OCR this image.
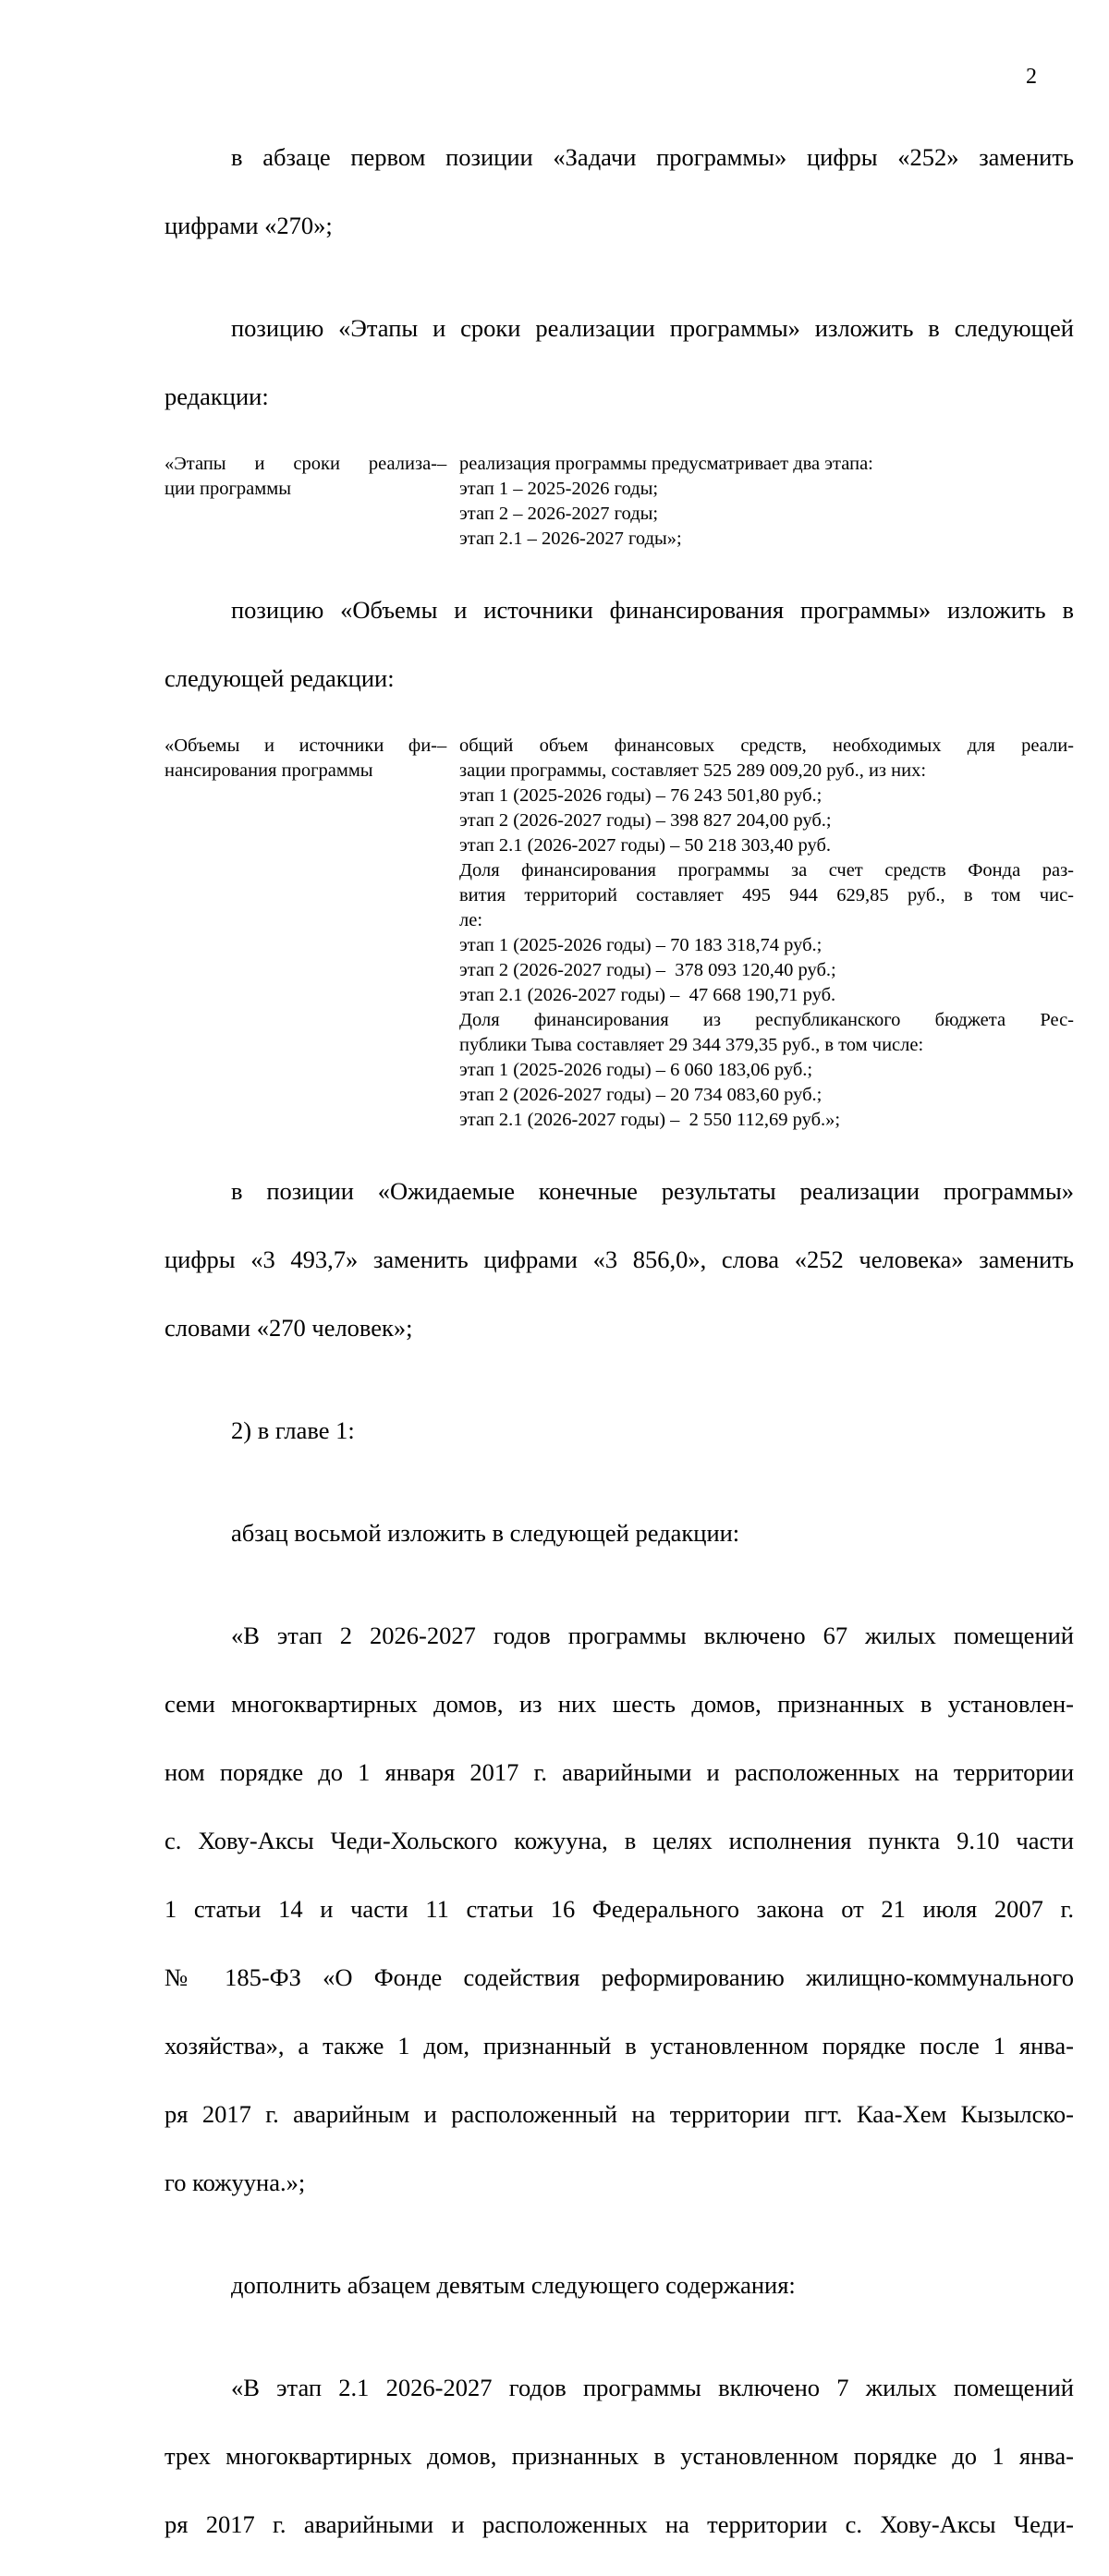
2

в абзаце первом позиции «Задачи программы» цифры «252» заменить

цифрами «270»;

позицию «Этапы и сроки реализации программы» изложить в следующей

редакции:

«Этапы и сроки реализа-
ции программы
– реализация программы предусматривает два этапа:
этап 1 – 2025-2026 годы;
этап 2 – 2026-2027 годы;
этап 2.1 – 2026-2027 годы»;

позицию «Объемы и источники финансирования программы» изложить в

следующей редакции:

«Объемы и источники фи-
нансирования программы
– общий объем финансовых средств, необходимых для реали-
зации программы, составляет 525 289 009,20 руб., из них:
этап 1 (2025-2026 годы) – 76 243 501,80 руб.;
этап 2 (2026-2027 годы) – 398 827 204,00 руб.;
этап 2.1 (2026-2027 годы) – 50 218 303,40 руб.
Доля финансирования программы за счет средств Фонда раз-
вития территорий составляет 495 944 629,85 руб., в том чис-
ле:
этап 1 (2025-2026 годы) – 70 183 318,74 руб.;
этап 2 (2026-2027 годы) –  378 093 120,40 руб.;
этап 2.1 (2026-2027 годы) –  47 668 190,71 руб.
Доля финансирования из республиканского бюджета Рес-
публики Тыва составляет 29 344 379,35 руб., в том числе:
этап 1 (2025-2026 годы) – 6 060 183,06 руб.;
этап 2 (2026-2027 годы) – 20 734 083,60 руб.;
этап 2.1 (2026-2027 годы) –  2 550 112,69 руб.»;

в позиции «Ожидаемые конечные результаты реализации программы»

цифры «3 493,7» заменить цифрами «3 856,0», слова «252 человека» заменить

словами «270 человек»;

2) в главе 1:

абзац восьмой изложить в следующей редакции:

«В этап 2 2026-2027 годов программы включено 67 жилых помещений

семи многоквартирных домов, из них шесть домов, признанных в установлен-

ном порядке до 1 января 2017 г. аварийными и расположенных на территории

с. Хову-Аксы Чеди-Хольского кожууна, в целях исполнения пункта 9.10 части

1 статьи 14 и части 11 статьи 16 Федерального закона от 21 июля 2007 г.

№ 185-ФЗ «О Фонде содействия реформированию жилищно-коммунального

хозяйства», а также 1 дом, признанный в установленном порядке после 1 янва-

ря 2017 г. аварийным и расположенный на территории пгт. Каа-Хем Кызылско-

го кожууна.»;

дополнить абзацем девятым следующего содержания:

«В этап 2.1 2026-2027 годов программы включено 7 жилых помещений

трех многоквартирных домов, признанных в установленном порядке до 1 янва-

ря 2017 г. аварийными и расположенных на территории с. Хову-Аксы Чеди-
